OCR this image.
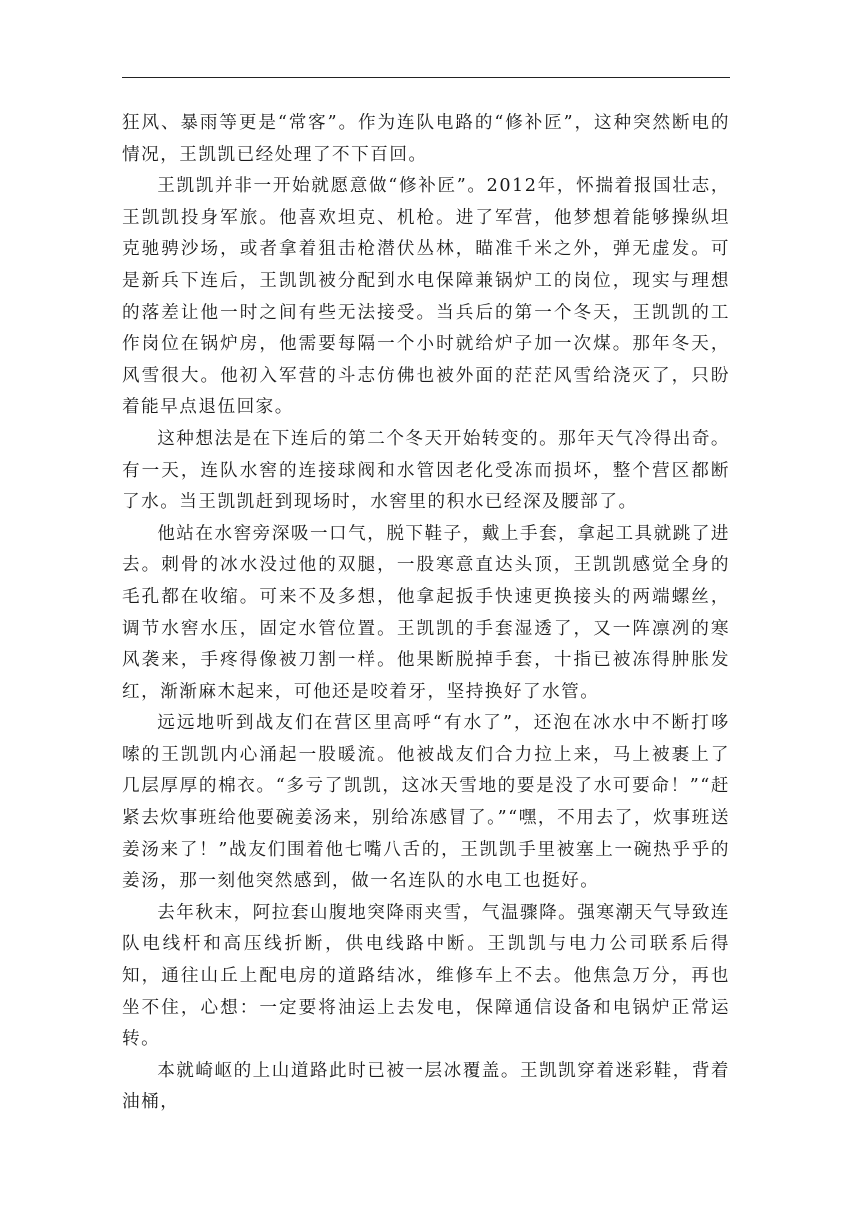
狂风、暴雨等更是“常客”。作为连队电路的“修补匠”，这种突然断电的情况，王凯凯已经处理了不下百回。

王凯凯并非一开始就愿意做“修补匠”。2012年，怀揣着报国壮志，王凯凯投身军旅。他喜欢坦克、机枪。进了军营，他梦想着能够操纵坦克驰骋沙场，或者拿着狙击枪潜伏丛林，瞄准千米之外，弹无虚发。可是新兵下连后，王凯凯被分配到水电保障兼锅炉工的岗位，现实与理想的落差让他一时之间有些无法接受。当兵后的第一个冬天，王凯凯的工作岗位在锅炉房，他需要每隔一个小时就给炉子加一次煤。那年冬天，风雪很大。他初入军营的斗志仿佛也被外面的茫茫风雪给浇灭了，只盼着能早点退伍回家。

这种想法是在下连后的第二个冬天开始转变的。那年天气冷得出奇。有一天，连队水窖的连接球阀和水管因老化受冻而损坏，整个营区都断了水。当王凯凯赶到现场时，水窖里的积水已经深及腰部了。

他站在水窖旁深吸一口气，脱下鞋子，戴上手套，拿起工具就跳了进去。刺骨的冰水没过他的双腿，一股寒意直达头顶，王凯凯感觉全身的毛孔都在收缩。可来不及多想，他拿起扳手快速更换接头的两端螺丝，调节水窖水压，固定水管位置。王凯凯的手套湿透了，又一阵凛冽的寒风袭来，手疼得像被刀割一样。他果断脱掉手套，十指已被冻得肿胀发红，渐渐麻木起来，可他还是咬着牙，坚持换好了水管。

远远地听到战友们在营区里高呼“有水了”，还泡在冰水中不断打哆嗦的王凯凯内心涌起一股暖流。他被战友们合力拉上来，马上被裹上了几层厚厚的棉衣。“多亏了凯凯，这冰天雪地的要是没了水可要命！”“赶紧去炊事班给他要碗姜汤来，别给冻感冒了。”“嘿，不用去了，炊事班送姜汤来了！”战友们围着他七嘴八舌的，王凯凯手里被塞上一碗热乎乎的姜汤，那一刻他突然感到，做一名连队的水电工也挺好。

去年秋末，阿拉套山腹地突降雨夹雪，气温骤降。强寒潮天气导致连队电线杆和高压线折断，供电线路中断。王凯凯与电力公司联系后得知，通往山丘上配电房的道路结冰，维修车上不去。他焦急万分，再也坐不住，心想：一定要将油运上去发电，保障通信设备和电锅炉正常运转。

本就崎岖的上山道路此时已被一层冰覆盖。王凯凯穿着迷彩鞋，背着油桶，
